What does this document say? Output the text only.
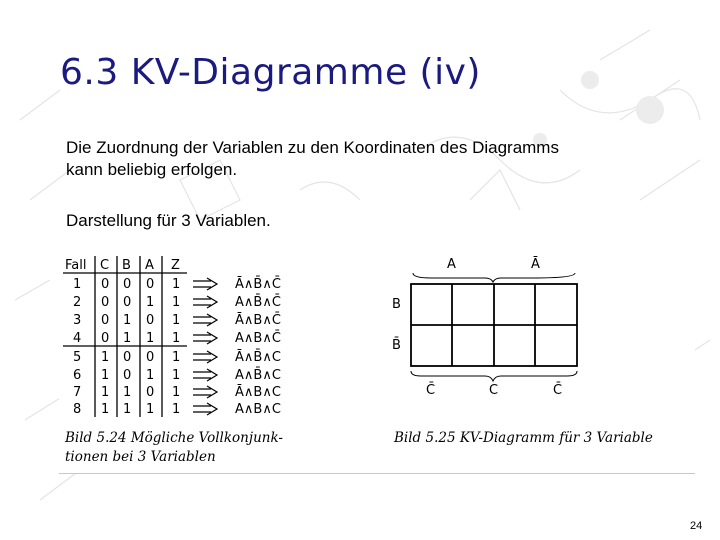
6.3 KV-Diagramme (iv)
Die Zuordnung der Variablen zu den Koordinaten des Diagramms
kann beliebig erfolgen.
Darstellung für 3 Variablen.
Fall C B A Z
1 0 0 0 1	Ā∧B̄∧C̄
2 0 0 1 1	A∧B̄∧C̄
3 0 1 0 1	Ā∧B∧C̄
4 0 1 1 1	A∧B∧C̄
5 1 0 0 1	Ā∧B̄∧C
6 1 0 1 1	A∧B̄∧C
7 1 1 0 1	Ā∧B∧C
8 1 1 1 1	A∧B∧C
Bild 5.24 Mögliche Vollkonjunk-
tionen bei 3 Variablen
A	Ā
B
B̄
C̄	C	C̄
Bild 5.25 KV-Diagramm für 3 Variable
24
